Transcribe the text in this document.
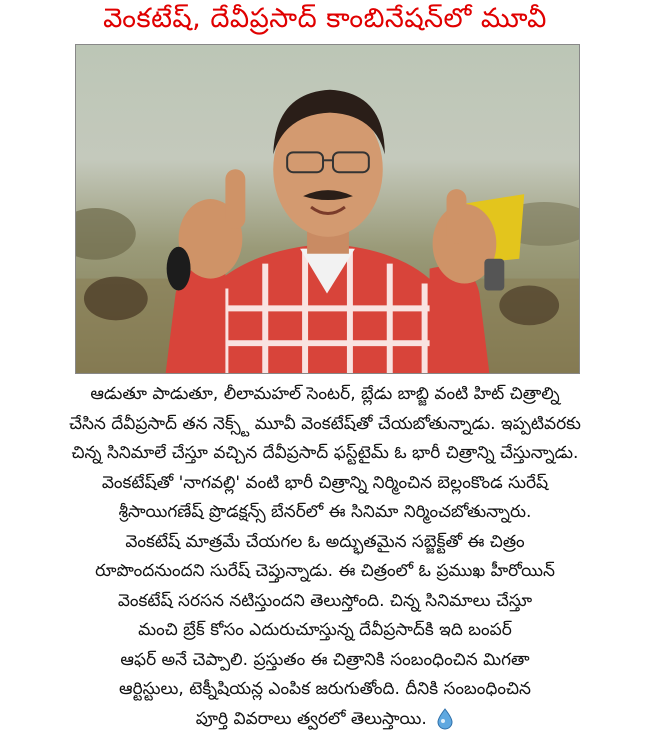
వెంకటేష్, దేవీప్రసాద్ కాంబినేషన్‌లో మూవీ
ఆడుతూ పాడుతూ, లీలామహల్ సెంటర్, బ్లేడు బాబ్జి వంటి హిట్ చిత్రాల్ని
చేసిన దేవీప్రసాద్ తన నెక్స్ట్ మూవీ వెంకటేష్‌తో చేయబోతున్నాడు. ఇప్పటివరకు
చిన్న సినిమాలే చేస్తూ వచ్చిన దేవీప్రసాద్ ఫస్ట్‌టైమ్ ఓ భారీ చిత్రాన్ని చేస్తున్నాడు.
వెంకటేష్‌తో 'నాగవల్లి' వంటి భారీ చిత్రాన్ని నిర్మించిన బెల్లంకొండ సురేష్
శ్రీసాయిగణేష్ ప్రొడక్షన్స్ బేనర్‌లో ఈ సినిమా నిర్మించబోతున్నారు.
వెంకటేష్ మాత్రమే చేయగల ఓ అద్భుతమైన సబ్జెక్ట్‌తో ఈ చిత్రం
రూపొందనుందని సురేష్ చెప్తున్నాడు. ఈ చిత్రంలో ఓ ప్రముఖ హీరోయిన్
వెంకటేష్ సరసన నటిస్తుందని తెలుస్తోంది. చిన్న సినిమాలు చేస్తూ
మంచి బ్రేక్ కోసం ఎదురుచూస్తున్న దేవీప్రసాద్‌కి ఇది బంపర్
ఆఫర్ అనే చెప్పాలి. ప్రస్తుతం ఈ చిత్రానికి సంబంధించిన మిగతా
ఆర్టిస్టులు, టెక్నీషియన్ల ఎంపిక జరుగుతోంది. దీనికి సంబంధించిన
పూర్తి వివరాలు త్వరలో తెలుస్తాయి.
